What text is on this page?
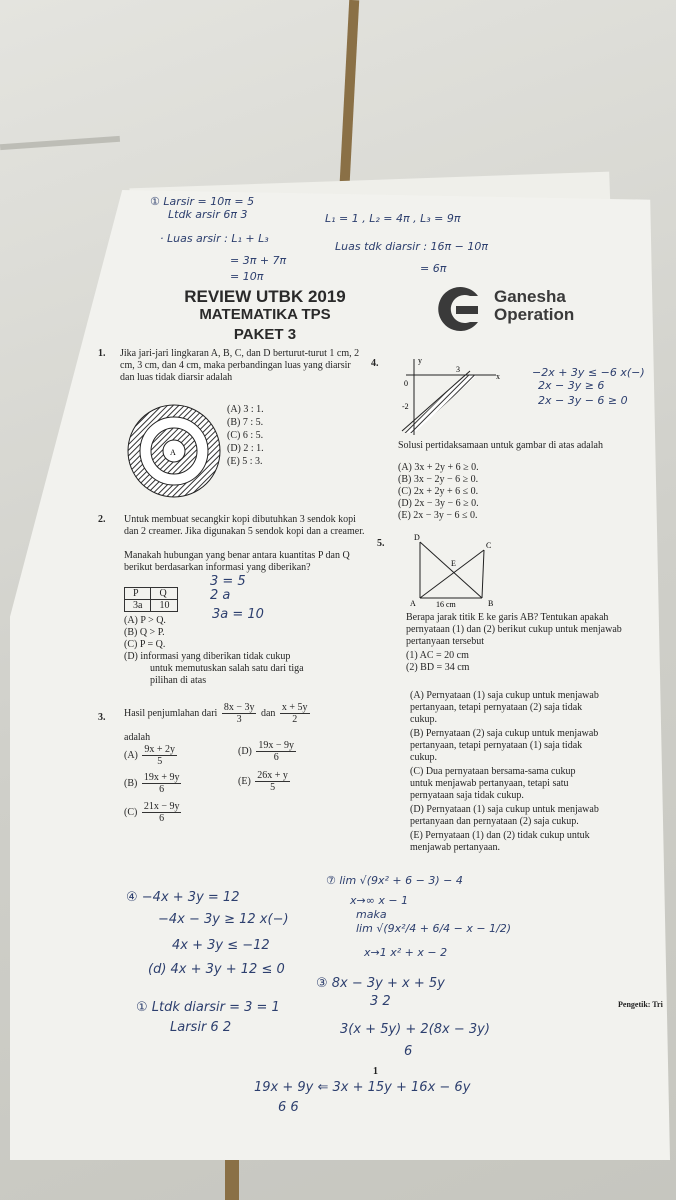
① Larsir = 10π = 5
Ltdk arsir 6π 3	L₁ = 1 , L₂ = 4π , L₃ = 9π
· Luas arsir : L₁ + L₃
Luas tdk diarsir : 16π − 10π
= 3π + 7π
= 10π
= 6π
REVIEW UTBK 2019
MATEMATIKA TPS
PAKET 3
Ganesha
Operation
1. Jika jari-jari lingkaran A, B, C, dan D berturut-turut 1 cm, 2 cm, 3 cm, dan 4 cm, maka perbandingan luas yang diarsir dan luas tidak diarsir adalah
A
(A) 3 : 1.
(B) 7 : 5.
(C) 6 : 5.
(D) 2 : 1.
(E) 5 : 3.
2. Untuk membuat secangkir kopi dibutuhkan 3 sendok kopi dan 2 creamer. Jika digunakan 5 sendok kopi dan a creamer.
Manakah hubungan yang benar antara kuantitas P dan Q berikut berdasarkan informasi yang diberikan?
P	Q
3a	10
(A) P > Q.
(B) Q > P.
(C) P = Q.
(D) informasi yang diberikan tidak cukup
untuk memutuskan salah satu dari tiga
pilihan di atas
3 = 5
2 a
3a = 10
3. Hasil penjumlahan dari $\frac{8x - 3y}{3}$ dan $\frac{x + 5y}{2}$
adalah
$(A) \frac{9x + 2y}{5}$
$(B) \frac{19x + 9y}{6}$
$(C) \frac{21x - 9y}{6}$
$(D) \frac{19x - 9y}{6}$
$(E) \frac{26x + y}{5}$
4.	y
x
0
3
-2
−2x + 3y ≤ −6 x(−)
2x − 3y ≥ 6
2x − 3y − 6 ≥ 0
Solusi pertidaksamaan untuk gambar di atas adalah
(A) 3x + 2y + 6 ≥ 0.
(B) 3x − 2y − 6 ≥ 0.
(C) 2x + 2y + 6 ≤ 0.
(D) 2x − 3y − 6 ≥ 0.
(E) 2x − 3y − 6 ≤ 0.
5.
D
C
E
A	B
16 cm
Berapa jarak titik E ke garis AB? Tentukan apakah pernyataan (1) dan (2) berikut cukup untuk menjawab pertanyaan tersebut
(1) AC = 20 cm
(2) BD = 34 cm
(A) Pernyataan (1) saja cukup untuk menjawab
pertanyaan, tetapi pernyataan (2) saja tidak
cukup.
(B) Pernyataan (2) saja cukup untuk menjawab
pertanyaan, tetapi pernyataan (1) saja tidak
cukup.
(C) Dua pernyataan bersama-sama cukup
untuk menjawab pertanyaan, tetapi satu
pernyataan saja tidak cukup.
(D) Pernyataan (1) saja cukup untuk menjawab
pertanyaan dan pernyataan (2) saja cukup.
(E) Pernyataan (1) dan (2) tidak cukup untuk
menjawab pertanyaan.
④ −4x + 3y = 12
−4x − 3y ≥ 12 x(−)
4x + 3y ≤ −12
(d) 4x + 3y + 12 ≤ 0
① Ltdk diarsir = 3 = 1
Larsir 6 2
⑦ lim √(9x² + 6 − 3) − 4
x→∞ x − 1
maka
lim √(9x²/4 + 6/4 − x − 1/2)
x→1 x² + x − 2
③ 8x − 3y + x + 5y
3 2
3(x + 5y) + 2(8x − 3y)
6
19x + 9y ⇐ 3x + 15y + 16x − 6y
6 6
1
Pengetik: Tri
